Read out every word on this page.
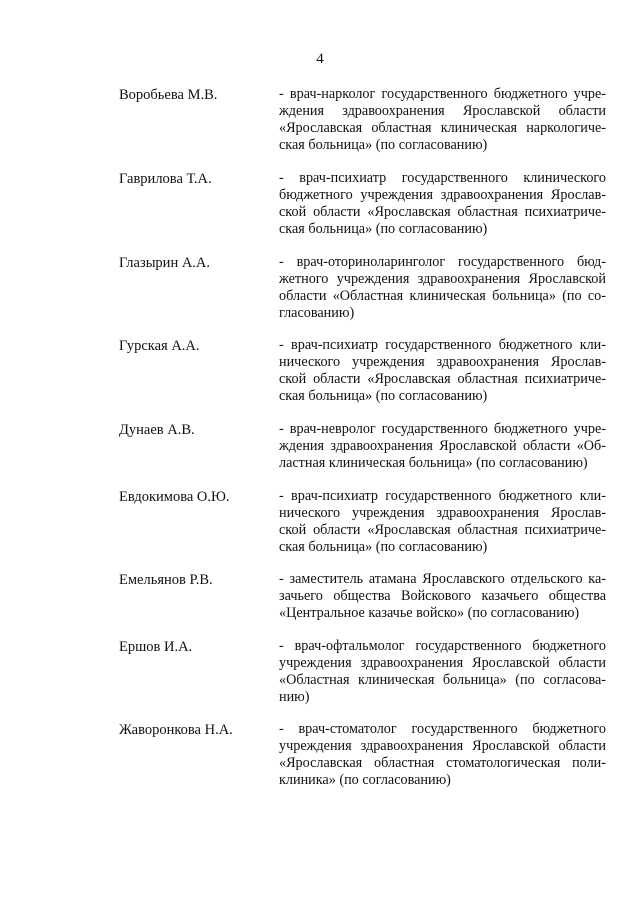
4
Воробьева М.В.	- врач-нарколог государственного бюджетного учре-
ждения здравоохранения Ярославской области
«Ярославская областная клиническая наркологиче-
ская больница» (по согласованию)
Гаврилова Т.А.	- врач-психиатр государственного клинического
бюджетного учреждения здравоохранения Ярослав-
ской области «Ярославская областная психиатриче-
ская больница» (по согласованию)
Глазырин А.А.	- врач-оториноларинголог государственного бюд-
жетного учреждения здравоохранения Ярославской
области «Областная клиническая больница» (по со-
гласованию)
Гурская А.А.	- врач-психиатр государственного бюджетного кли-
нического учреждения здравоохранения Ярослав-
ской области «Ярославская областная психиатриче-
ская больница» (по согласованию)
Дунаев А.В.	- врач-невролог государственного бюджетного учре-
ждения здравоохранения Ярославской области «Об-
ластная клиническая больница» (по согласованию)
Евдокимова О.Ю.	- врач-психиатр государственного бюджетного кли-
нического учреждения здравоохранения Ярослав-
ской области «Ярославская областная психиатриче-
ская больница» (по согласованию)
Емельянов Р.В.	- заместитель атамана Ярославского отдельского ка-
зачьего общества Войскового казачьего общества
«Центральное казачье войско» (по согласованию)
Ершов И.А.	- врач-офтальмолог государственного бюджетного
учреждения здравоохранения Ярославской области
«Областная клиническая больница» (по согласова-
нию)
Жаворонкова Н.А.	- врач-стоматолог государственного бюджетного
учреждения здравоохранения Ярославской области
«Ярославская областная стоматологическая поли-
клиника» (по согласованию)
